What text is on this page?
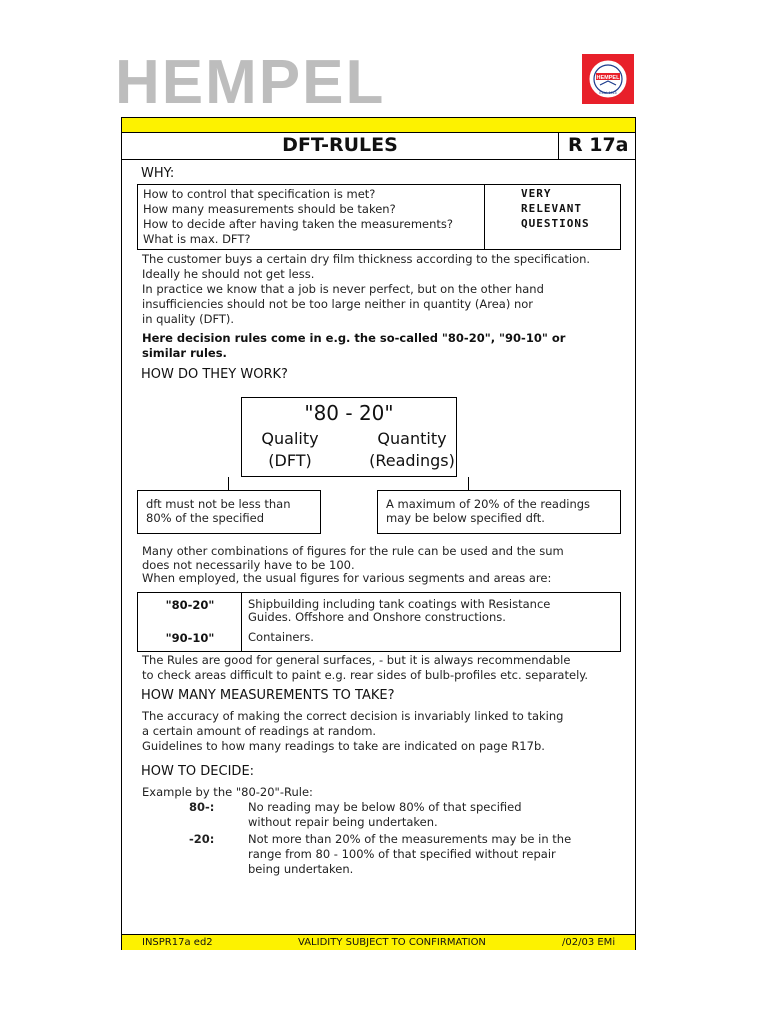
HEMPEL	HEMPEL
Estd. 1915
DFT-RULES	R 17a
WHY:
How to control that specification is met?
How many measurements should be taken?
How to decide after having taken the measurements?
What is max. DFT?
VERY
RELEVANT
QUESTIONS
The customer buys a certain dry film thickness according to the specification.
Ideally he should not get less.
In practice we know that a job is never perfect, but on the other hand
insufficiencies should not be too large neither in quantity (Area) nor
in quality (DFT).
Here decision rules come in e.g. the so-called "80-20", "90-10" or
similar rules.
HOW DO THEY WORK?
"80 - 20"
Quality
(DFT)
Quantity
(Readings)
dft must not be less than
80% of the specified
A maximum of 20% of the readings
may be below specified dft.
Many other combinations of figures for the rule can be used and the sum
does not necessarily have to be 100.
When employed, the usual figures for various segments and areas are:
"80-20"	Shipbuilding including tank coatings with Resistance
Guides. Offshore and Onshore constructions.
"90-10"	Containers.
The Rules are good for general surfaces, - but it is always recommendable
to check areas difficult to paint e.g. rear sides of bulb-profiles etc. separately.
HOW MANY MEASUREMENTS TO TAKE?
The accuracy of making the correct decision is invariably linked to taking
a certain amount of readings at random.
Guidelines to how many readings to take are indicated on page R17b.
HOW TO DECIDE:
Example by the "80-20"-Rule:
80-:	No reading may be below 80% of that specified
without repair being undertaken.
-20:	Not more than 20% of the measurements may be in the
range from 80 - 100% of that specified without repair
being undertaken.
INSPR17a ed2	VALIDITY SUBJECT TO CONFIRMATION	/02/03 EMi
